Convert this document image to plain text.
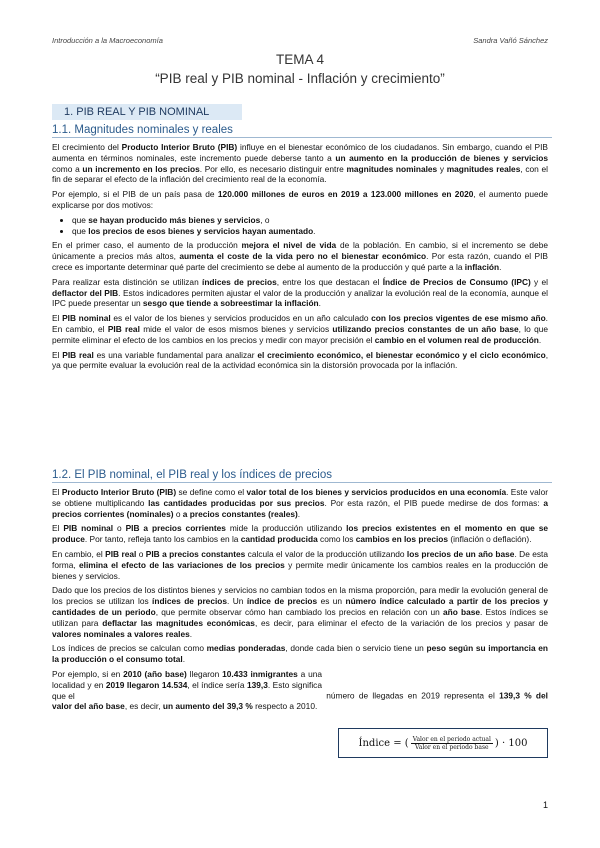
Introducción a la Macroeconomía	Sandra Vañó Sánchez
TEMA 4
“PIB real y PIB nominal - Inflación y crecimiento”
1. PIB REAL Y PIB NOMINAL
1.1. Magnitudes nominales y reales

El crecimiento del Producto Interior Bruto (PIB) influye en el bienestar económico de los ciudadanos. Sin embargo, cuando el PIB aumenta en términos nominales, este incremento puede deberse tanto a un aumento en la producción de bienes y servicios como a un incremento en los precios. Por ello, es necesario distinguir entre magnitudes nominales y magnitudes reales, con el fin de separar el efecto de la inflación del crecimiento real de la economía.

Por ejemplo, si el PIB de un país pasa de 120.000 millones de euros en 2019 a 123.000 millones en 2020, el aumento puede explicarse por dos motivos:

• que se hayan producido más bienes y servicios, o
• que los precios de esos bienes y servicios hayan aumentado.

En el primer caso, el aumento de la producción mejora el nivel de vida de la población. En cambio, si el incremento se debe únicamente a precios más altos, aumenta el coste de la vida pero no el bienestar económico. Por esta razón, cuando el PIB crece es importante determinar qué parte del crecimiento se debe al aumento de la producción y qué parte a la inflación.

Para realizar esta distinción se utilizan índices de precios, entre los que destacan el Índice de Precios de Consumo (IPC) y el deflactor del PIB. Estos indicadores permiten ajustar el valor de la producción y analizar la evolución real de la economía, aunque el IPC puede presentar un sesgo que tiende a sobreestimar la inflación.

El PIB nominal es el valor de los bienes y servicios producidos en un año calculado con los precios vigentes de ese mismo año. En cambio, el PIB real mide el valor de esos mismos bienes y servicios utilizando precios constantes de un año base, lo que permite eliminar el efecto de los cambios en los precios y medir con mayor precisión el cambio en el volumen real de producción.

El PIB real es una variable fundamental para analizar el crecimiento económico, el bienestar económico y el ciclo económico, ya que permite evaluar la evolución real de la actividad económica sin la distorsión provocada por la inflación.

1.2. El PIB nominal, el PIB real y los índices de precios

El Producto Interior Bruto (PIB) se define como el valor total de los bienes y servicios producidos en una economía. Este valor se obtiene multiplicando las cantidades producidas por sus precios. Por esta razón, el PIB puede medirse de dos formas: a precios corrientes (nominales) o a precios constantes (reales).

El PIB nominal o PIB a precios corrientes mide la producción utilizando los precios existentes en el momento en que se produce. Por tanto, refleja tanto los cambios en la cantidad producida como los cambios en los precios (inflación o deflación).

En cambio, el PIB real o PIB a precios constantes calcula el valor de la producción utilizando los precios de un año base. De esta forma, elimina el efecto de las variaciones de los precios y permite medir únicamente los cambios reales en la producción de bienes y servicios.

Dado que los precios de los distintos bienes y servicios no cambian todos en la misma proporción, para medir la evolución general de los precios se utilizan los índices de precios. Un índice de precios es un número índice calculado a partir de los precios y cantidades de un periodo, que permite observar cómo han cambiado los precios en relación con un año base. Estos índices se utilizan para deflactar las magnitudes económicas, es decir, para eliminar el efecto de la variación de los precios y pasar de valores nominales a valores reales.

Los índices de precios se calculan como medias ponderadas, donde cada bien o servicio tiene un peso según su importancia en la producción o el consumo total.

Por ejemplo, si en 2010 (año base) llegaron 10.433 inmigrantes a una localidad y en 2019 llegaron 14.534, el índice sería 139,3. Esto significa que el	número de llegadas en 2019 representa el 139,3 % del valor del año base, es decir, un aumento del 39,3 % respecto a 2010.

Índice = ( $\frac{\text{Valor en el periodo actual}}{\text{Valor en el periodo base}}$ ) · 100
1
